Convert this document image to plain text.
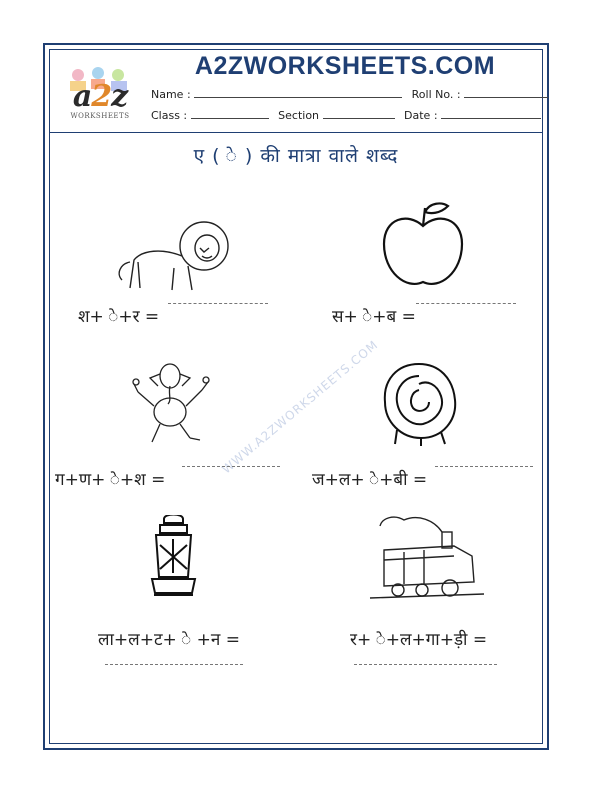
a2z
WORKSHEETS
A2ZWORKSHEETS.COM
Name :	Roll No. :
Class :	Section	Date :
ए ( े ) की मात्रा वाले शब्द
WWW.A2ZWORKSHEETS.COM
श+ े+र =	स+ े+ब =
ग+ण+ े+श =	ज+ल+ े+बी =
ला+ल+ट+ े +न =	र+ े+ल+गा+ड़ी =
